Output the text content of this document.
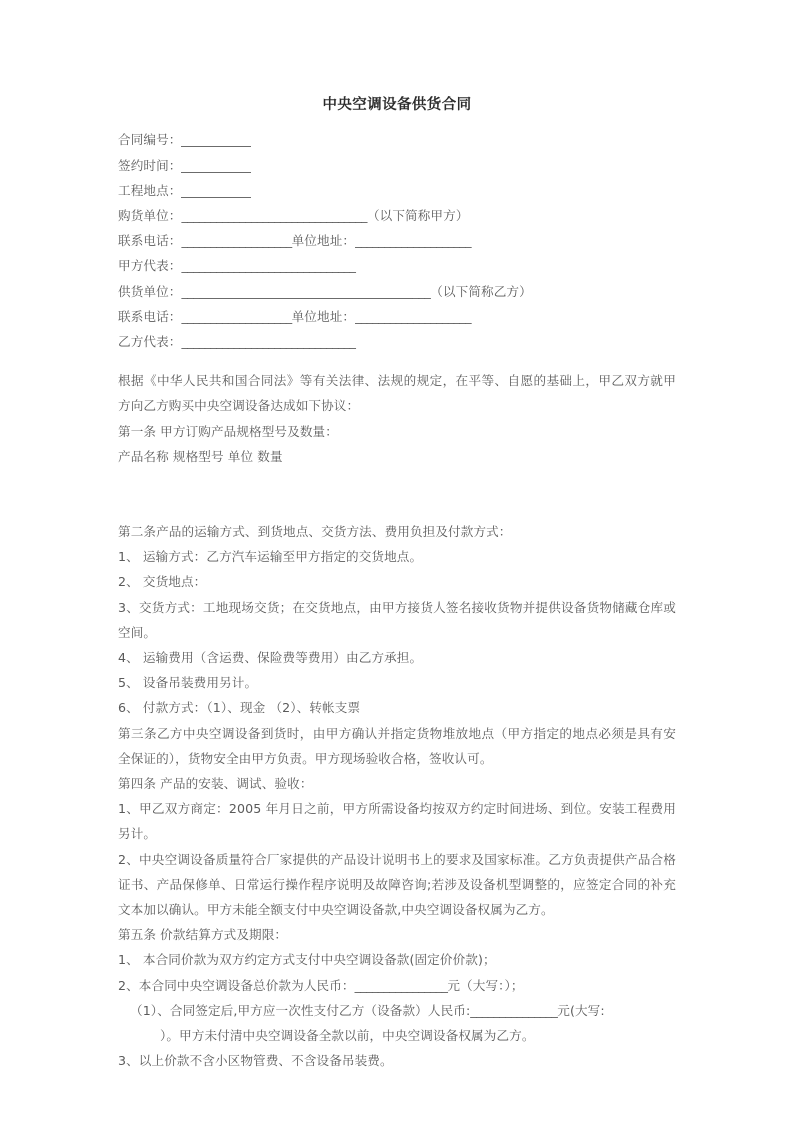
中央空调设备供货合同
合同编号：
签约时间：
工程地点：
购货单位：________________________________（以下简称甲方）
联系电话：___________________单位地址：____________________
甲方代表：______________________________
供货单位：___	___（以下简称乙方）
联系电话：___________________单位地址：____________________
乙方代表：______________________________
根据《中华人民共和国合同法》等有关法律、法规的规定，在平等、自愿的基础上，甲乙双方就甲方向乙方购买中央空调设备达成如下协议：
第一条 甲方订购产品规格型号及数量：
产品名称 规格型号 单位 数量
第二条产品的运输方式、到货地点、交货方法、费用负担及付款方式：
1、 运输方式：乙方汽车运输至甲方指定的交货地点。
2、 交货地点：
3、交货方式：工地现场交货；在交货地点，由甲方接货人签名接收货物并提供设备货物储藏仓库或空间。
4、 运输费用（含运费、保险费等费用）由乙方承担。
5、 设备吊装费用另计。
6、 付款方式：（1）、现金 （2）、转帐支票
第三条乙方中央空调设备到货时，由甲方确认并指定货物堆放地点（甲方指定的地点必须是具有安全保证的），货物安全由甲方负责。甲方现场验收合格，签收认可。
第四条 产品的安装、调试、验收：
1、甲乙双方商定：2005 年月日之前，甲方所需设备均按双方约定时间进场、到位。安装工程费用另计。
2、中央空调设备质量符合厂家提供的产品设计说明书上的要求及国家标准。乙方负责提供产品合格证书、产品保修单、日常运行操作程序说明及故障咨询;若涉及设备机型调整的，应签定合同的补充文本加以确认。甲方未能全额支付中央空调设备款,中央空调设备权属为乙方。
第五条 价款结算方式及期限：
1、 本合同价款为双方约定方式支付中央空调设备款(固定价价款)；
2、本合同中央空调设备总价款为人民币：________________元（大写：）；
（1）、合同签定后,甲方应一次性支付乙方（设备款）人民币:_______________元(大写:
）。甲方未付清中央空调设备全款以前，中央空调设备权属为乙方。
3、以上价款不含小区物管费、不含设备吊装费。
